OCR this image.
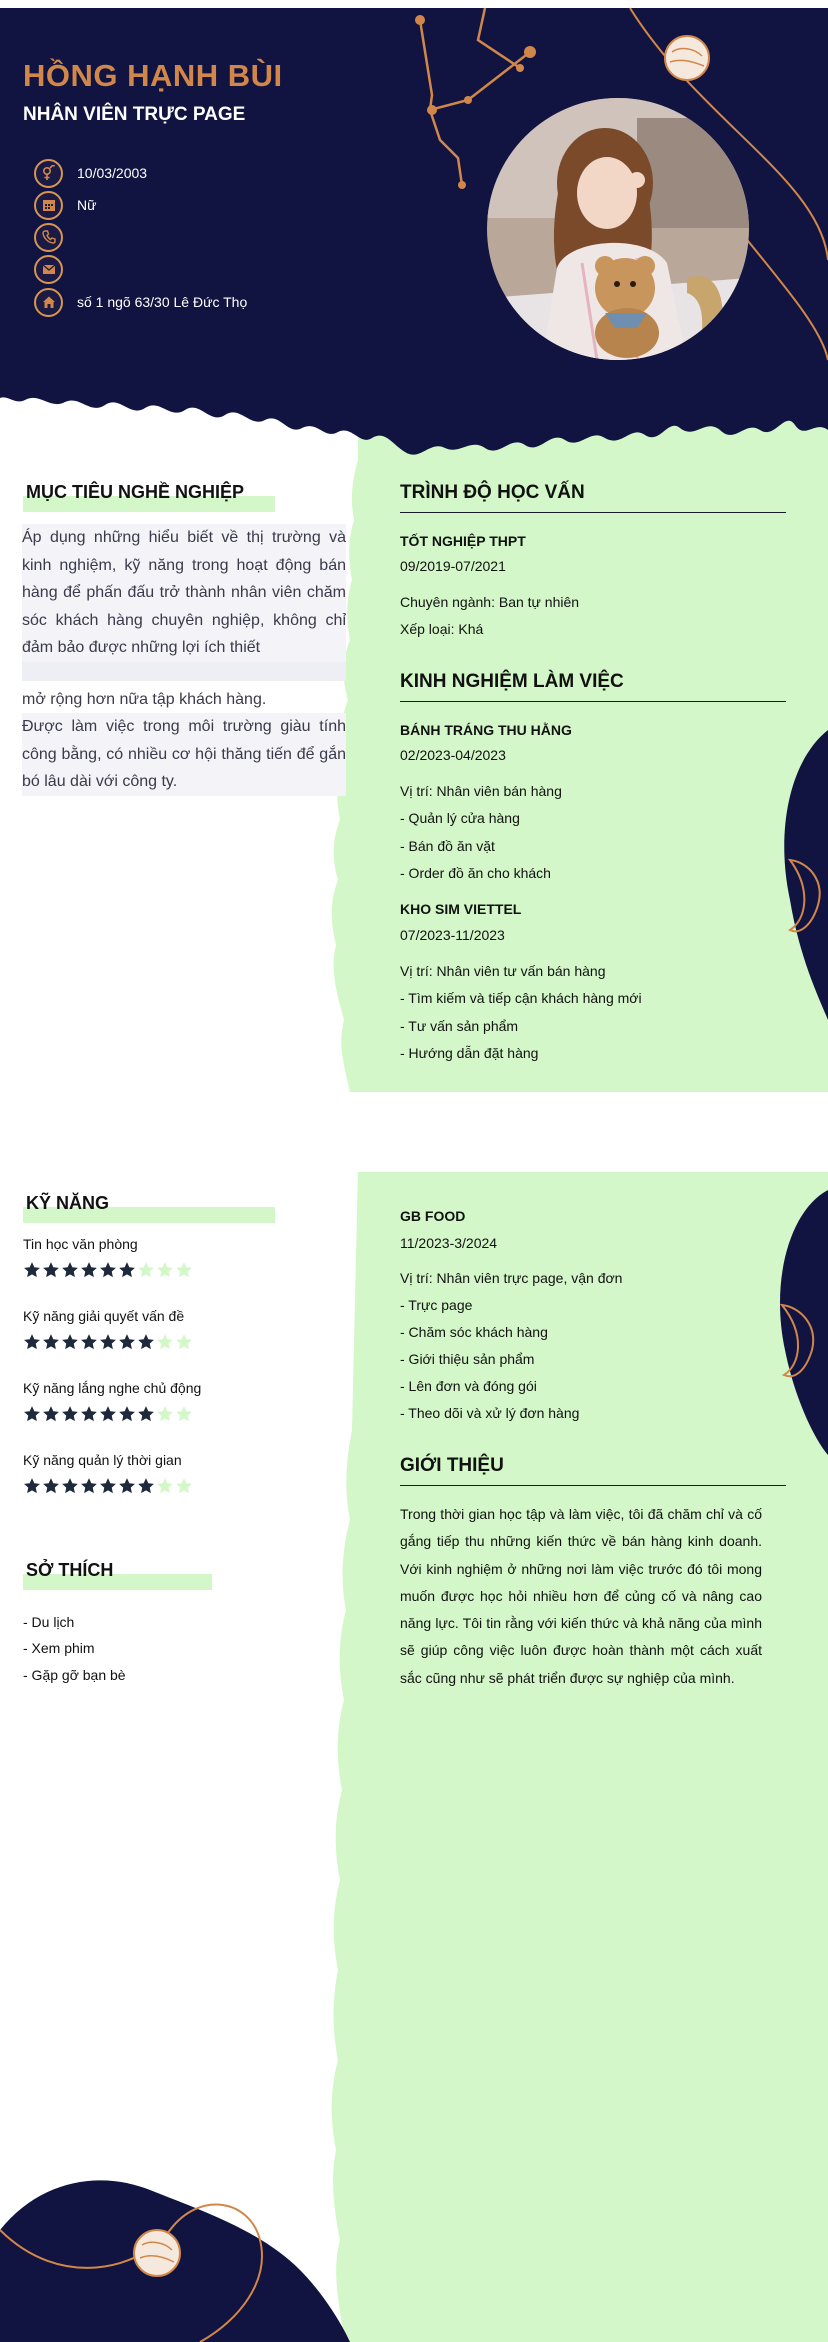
HỒNG HẠNH BÙI
NHÂN VIÊN TRỰC PAGE
10/03/2003
Nữ
số 1 ngõ 63/30 Lê Đức Thọ
MỤC TIÊU NGHỀ NGHIỆP

Áp dụng những hiểu biết về thị trường và kinh nghiệm, kỹ năng trong hoạt động bán hàng để phấn đấu trở thành nhân viên chăm sóc khách hàng chuyên nghiệp, không chỉ đảm bảo được những lợi ích thiết

mở rộng hơn nữa tập khách hàng.

Được làm việc trong môi trường giàu tính công bằng, có nhiều cơ hội thăng tiến để gắn bó lâu dài với công ty.

TRÌNH ĐỘ HỌC VẤN
TỐT NGHIỆP THPT
09/2019-07/2021
Chuyên ngành: Ban tự nhiên
Xếp loại: Khá
KINH NGHIỆM LÀM VIỆC
BÁNH TRÁNG THU HẰNG
02/2023-04/2023
Vị trí: Nhân viên bán hàng
- Quản lý cửa hàng
- Bán đồ ăn vặt
- Order đồ ăn cho khách
KHO SIM VIETTEL
07/2023-11/2023
Vị trí: Nhân viên tư vấn bán hàng
- Tìm kiếm và tiếp cận khách hàng mới
- Tư vấn sản phẩm
- Hướng dẫn đặt hàng
KỸ NĂNG
Tin học văn phòng
Kỹ năng giải quyết vấn đề
Kỹ năng lắng nghe chủ động
Kỹ năng quản lý thời gian
SỞ THÍCH
- Du lịch
- Xem phim
- Gặp gỡ bạn bè
GB FOOD
11/2023-3/2024
Vị trí: Nhân viên trực page, vận đơn
- Trực page
- Chăm sóc khách hàng
- Giới thiệu sản phẩm
- Lên đơn và đóng gói
- Theo dõi và xử lý đơn hàng
GIỚI THIỆU
Trong thời gian học tập và làm việc, tôi đã chăm chỉ và cố gắng tiếp thu những kiến thức về bán hàng kinh doanh. Với kinh nghiệm ở những nơi làm việc trước đó tôi mong muốn được học hỏi nhiều hơn để củng cố và nâng cao năng lực. Tôi tin rằng với kiến thức và khả năng của mình sẽ giúp công việc luôn được hoàn thành một cách xuất sắc cũng như sẽ phát triển được sự nghiệp của mình.
